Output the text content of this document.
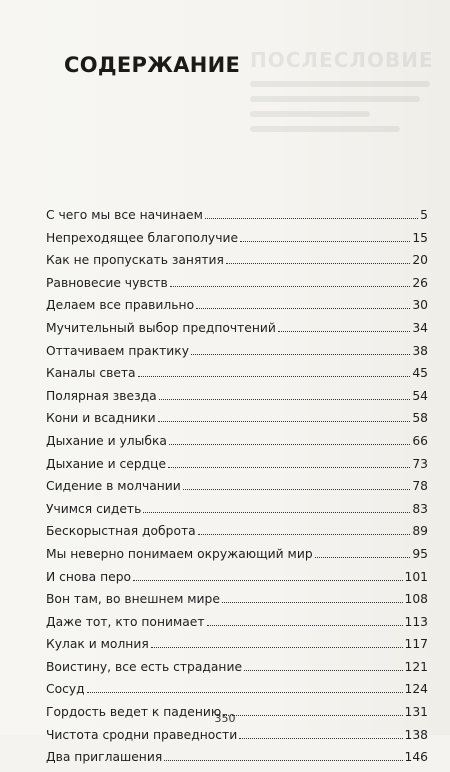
ПОСЛЕСЛОВИЕ
СОДЕРЖАНИЕ
С чего мы все начинаем	5
Непреходящее благополучие	15
Как не пропускать занятия	20
Равновесие чувств	26
Делаем все правильно	30
Мучительный выбор предпочтений	34
Оттачиваем практику	38
Каналы света	45
Полярная звезда	54
Кони и всадники	58
Дыхание и улыбка	66
Дыхание и сердце	73
Сидение в молчании	78
Учимся сидеть	83
Бескорыстная доброта	89
Мы неверно понимаем окружающий мир	95
И снова перо	101
Вон там, во внешнем мире	108
Даже тот, кто понимает	113
Кулак и молния	117
Воистину, все есть страдание	121
Сосуд	124
Гордость ведет к падению	131
Чистота сродни праведности	138
Два приглашения	146
350
